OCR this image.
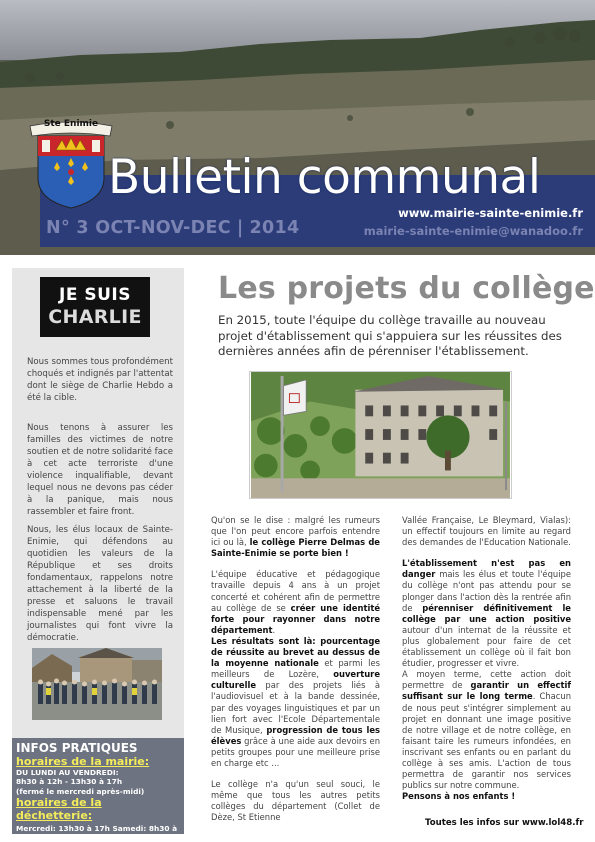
Ste Enimie
Bulletin communal
N° 3 OCT-NOV-DEC | 2014
www.mairie-sainte-enimie.fr
mairie-sainte-enimie@wanadoo.fr
JE SUIS
CHARLIE

Nous sommes tous profondément choqués et indignés par l'attentat dont le siège de Charlie Hebdo a été la cible.

Nous tenons à assurer les familles des victimes de notre soutien et de notre solidarité face à cet acte terroriste d'une violence inqualifiable, devant lequel nous ne devons pas céder à la panique, mais nous rassembler et faire front.

Nous, les élus locaux de Sainte-Enimie, qui défendons au quotidien les valeurs de la République et ses droits fondamentaux, rappelons notre attachement à la liberté de la presse et saluons le travail indispensable mené par les journalistes qui font vivre la démocratie.

INFOS PRATIQUES
horaires de la mairie:
DU LUNDI AU VENDREDI:
8h30 à 12h - 13h30 à 17h
(fermé le mercredi après-midi)
horaires de la déchetterie:
Mercredi: 13h30 à 17h Samedi: 8h30 à 12h
Les projets du collège

En 2015, toute l'équipe du collège travaille au nouveau projet d'établissement qui s'appuiera sur les réussites des dernières années afin de pérenniser l'établissement.

Qu'on se le dise : malgré les rumeurs que l'on peut encore parfois entendre ici ou là, le collège Pierre Delmas de Sainte-Enimie se porte bien !

L'équipe éducative et pédagogique travaille depuis 4 ans à un projet concerté et cohérent afin de permettre au collège de se créer une identité forte pour rayonner dans notre département.

Les résultats sont là: pourcentage de réussite au brevet au dessus de la moyenne nationale et parmi les meilleurs de Lozère, ouverture culturelle par des projets liés à l'audiovisuel et à la bande dessinée, par des voyages linguistiques et par un lien fort avec l'Ecole Départementale de Musique, progression de tous les élèves grâce à une aide aux devoirs en petits groupes pour une meilleure prise en charge etc ...

Le collège n'a qu'un seul souci, le même que tous les autres petits collèges du département (Collet de Dèze, St Etienne

Vallée Française, Le Bleymard, Vialas): un effectif toujours en limite au regard des demandes de l'Education Nationale.

L'établissement n'est pas en danger mais les élus et toute l'équipe du collège n'ont pas attendu pour se plonger dans l'action dès la rentrée afin de pérenniser définitivement le collège par une action positive autour d'un internat de la réussite et plus globalement pour faire de cet établissement un collège où il fait bon étudier, progresser et vivre.

A moyen terme, cette action doit permettre de garantir un effectif suffisant sur le long terme. Chacun de nous peut s'intégrer simplement au projet en donnant une image positive de notre village et de notre collège, en faisant taire les rumeurs infondées, en inscrivant ses enfants ou en parlant du collège à ses amis. L'action de tous permettra de garantir nos services publics sur notre commune.
Pensons à nos enfants !

Toutes les infos sur www.lol48.fr
